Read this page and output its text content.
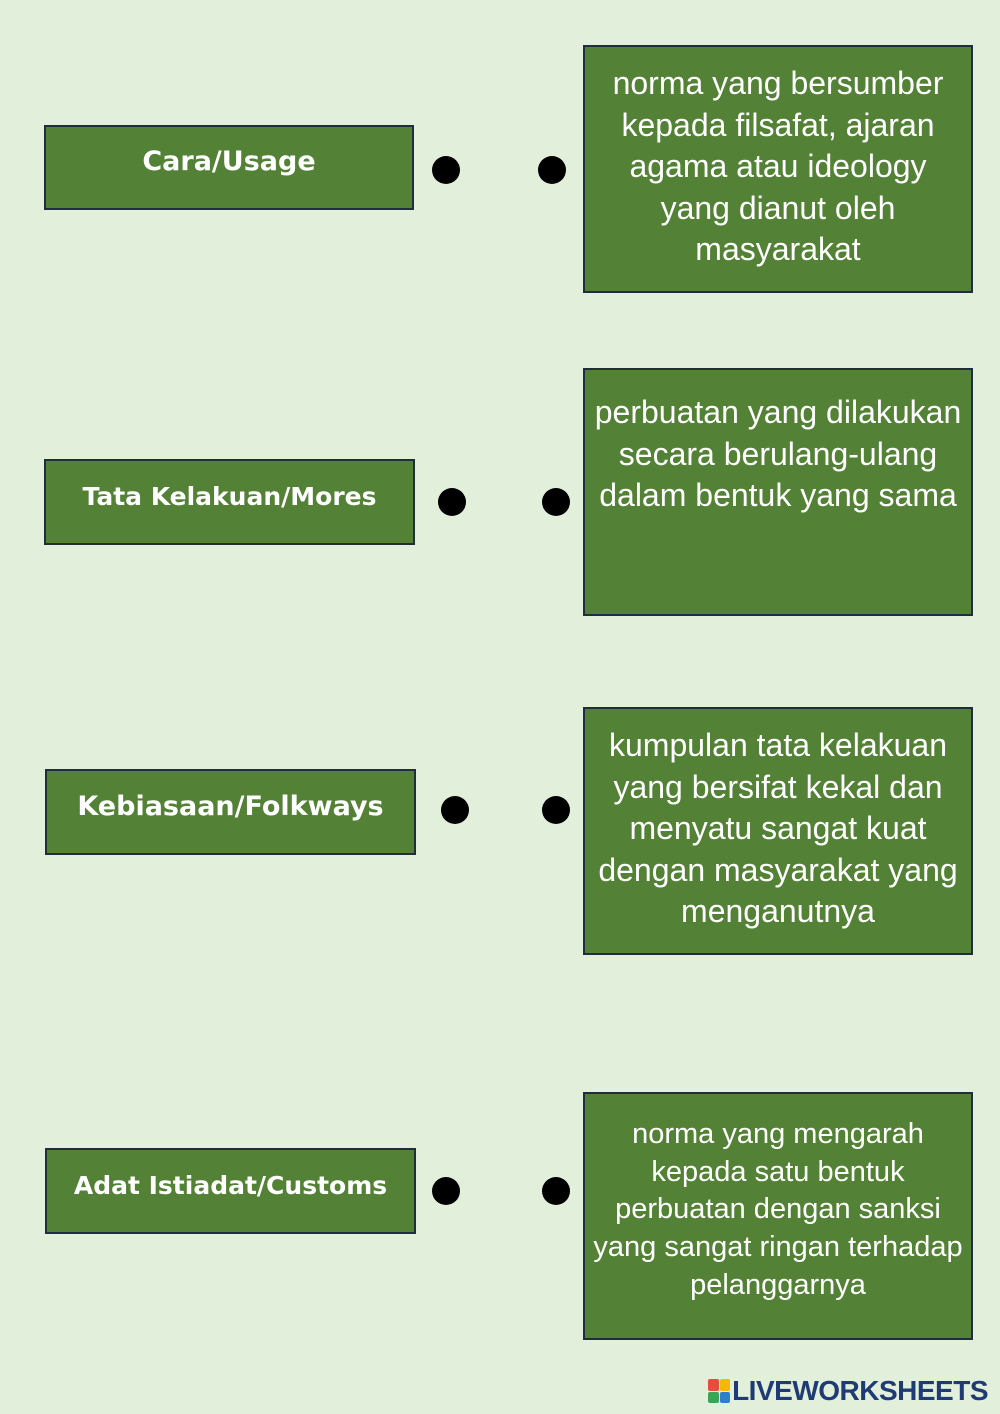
Cara/Usage
norma yang bersumber kepada filsafat, ajaran agama atau ideology yang dianut oleh masyarakat
Tata Kelakuan/Mores
perbuatan yang dilakukan secara berulang-ulang dalam bentuk yang sama
Kebiasaan/Folkways
kumpulan tata kelakuan yang bersifat kekal dan menyatu sangat kuat dengan masyarakat yang menganutnya
Adat Istiadat/Customs
norma yang mengarah kepada satu bentuk perbuatan dengan sanksi yang sangat ringan terhadap pelanggarnya
LIVEWORKSHEETS
